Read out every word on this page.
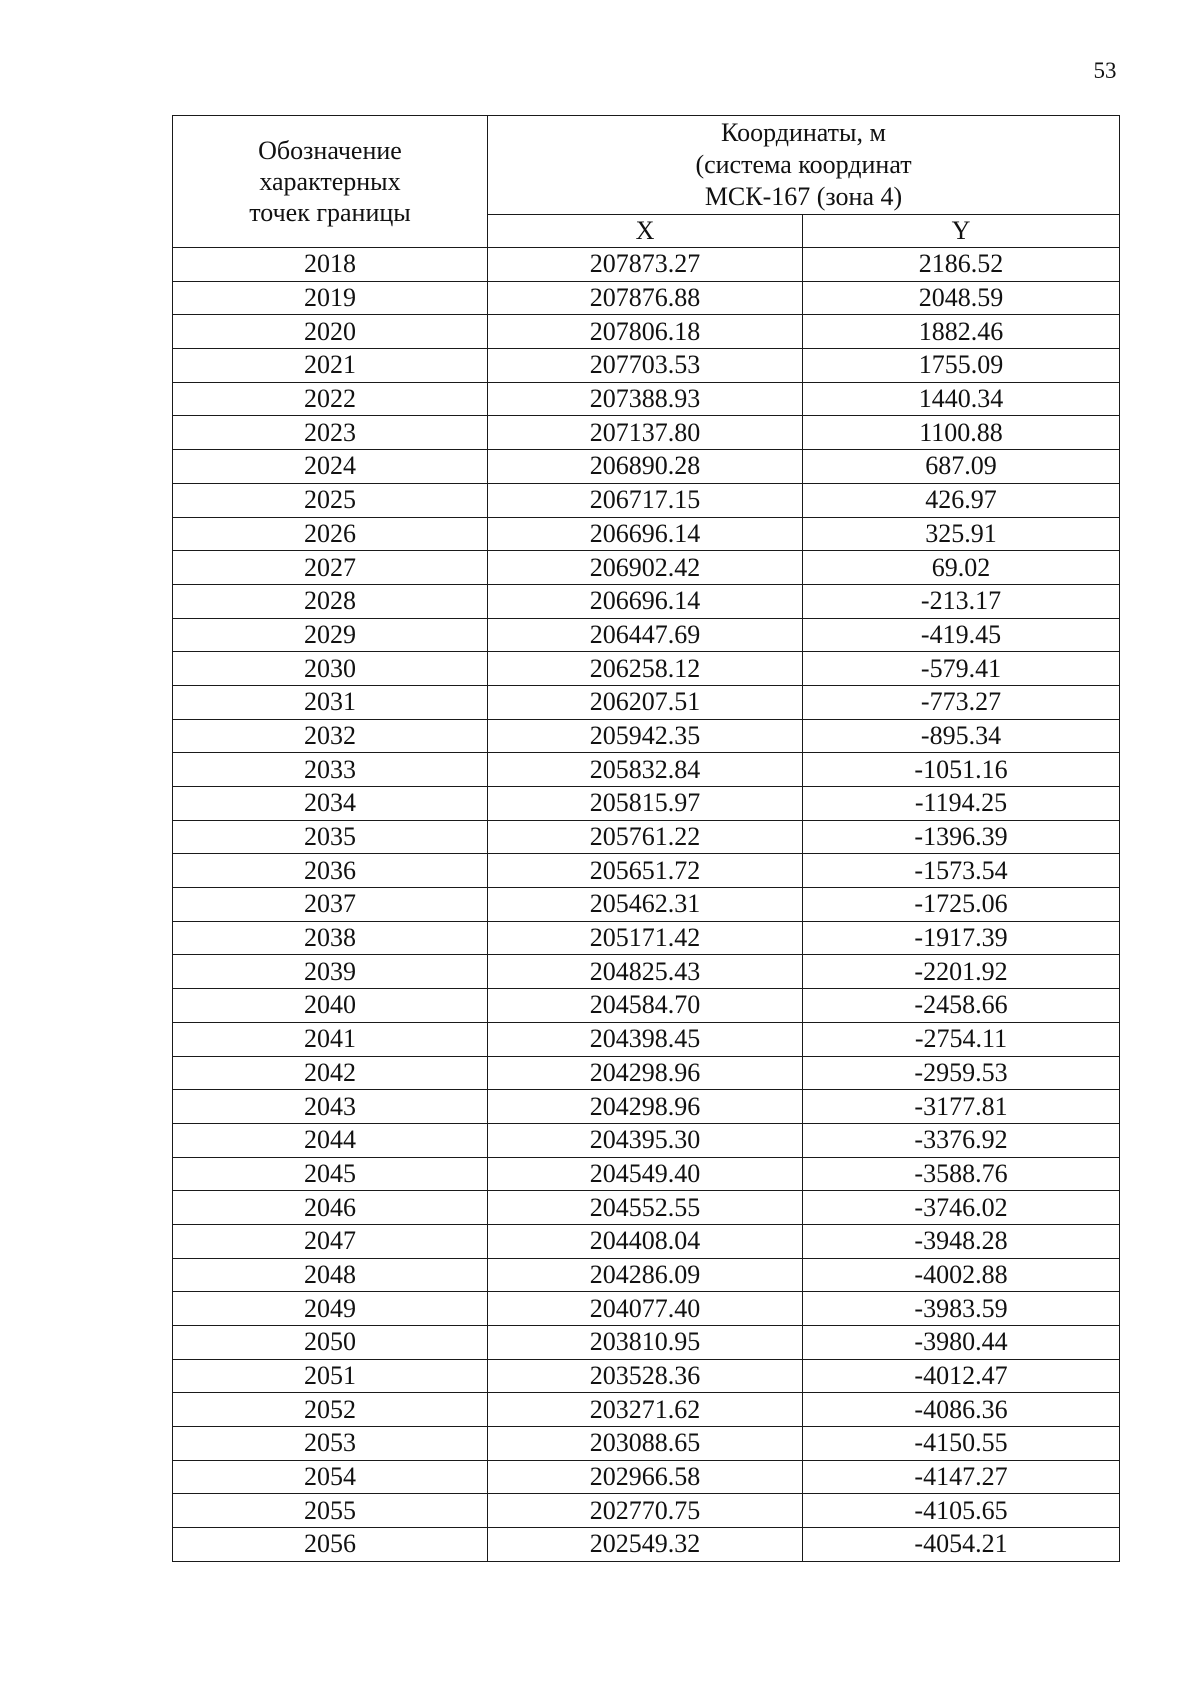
53
Обозначение
характерных
точек границы	Координаты, м
(система координат
МСК-167 (зона 4)	

	X	Y
2018	207873.27	2186.52
2019	207876.88	2048.59
2020	207806.18	1882.46
2021	207703.53	1755.09
2022	207388.93	1440.34
2023	207137.80	1100.88
2024	206890.28	687.09
2025	206717.15	426.97
2026	206696.14	325.91
2027	206902.42	69.02
2028	206696.14	-213.17
2029	206447.69	-419.45
2030	206258.12	-579.41
2031	206207.51	-773.27
2032	205942.35	-895.34
2033	205832.84	-1051.16
2034	205815.97	-1194.25
2035	205761.22	-1396.39
2036	205651.72	-1573.54
2037	205462.31	-1725.06
2038	205171.42	-1917.39
2039	204825.43	-2201.92
2040	204584.70	-2458.66
2041	204398.45	-2754.11
2042	204298.96	-2959.53
2043	204298.96	-3177.81
2044	204395.30	-3376.92
2045	204549.40	-3588.76
2046	204552.55	-3746.02
2047	204408.04	-3948.28
2048	204286.09	-4002.88
2049	204077.40	-3983.59
2050	203810.95	-3980.44
2051	203528.36	-4012.47
2052	203271.62	-4086.36
2053	203088.65	-4150.55
2054	202966.58	-4147.27
2055	202770.75	-4105.65
2056	202549.32	-4054.21
